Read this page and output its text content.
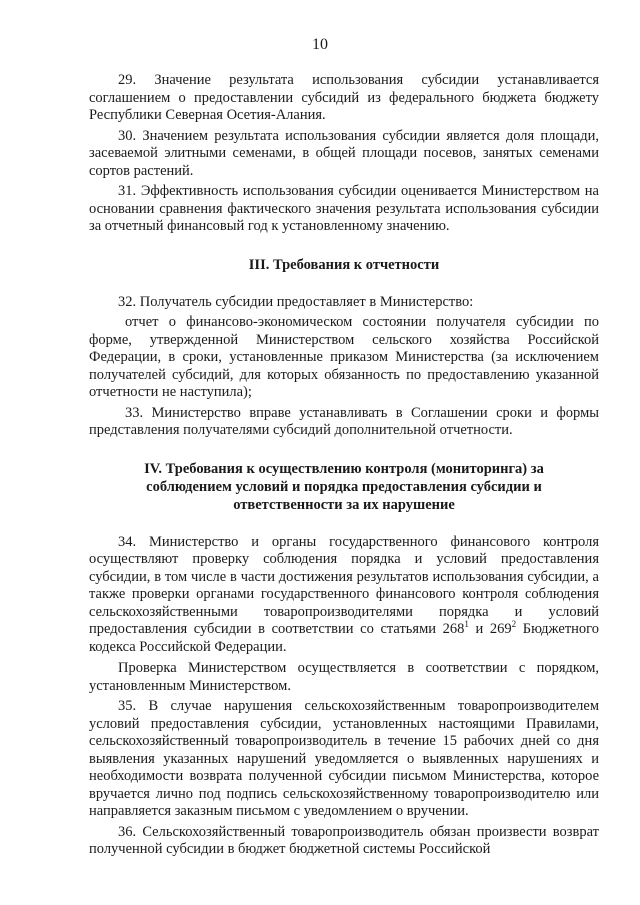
10

29. Значение результата использования субсидии устанавливается соглашением о предоставлении субсидий из федерального бюджета бюджету Республики Северная Осетия-Алания.

30. Значением результата использования субсидии является доля площади, засеваемой элитными семенами, в общей площади посевов, занятых семенами сортов растений.

31. Эффективность использования субсидии оценивается Министерством на основании сравнения фактического значения результата использования субсидии за отчетный финансовый год к установленному значению.

III. Требования к отчетности

32. Получатель субсидии предоставляет в Министерство:

отчет о финансово-экономическом состоянии получателя субсидии по форме, утвержденной Министерством сельского хозяйства Российской Федерации, в сроки, установленные приказом Министерства (за исключением получателей субсидий, для которых обязанность по предоставлению указанной отчетности не наступила);

33. Министерство вправе устанавливать в Соглашении сроки и формы представления получателями субсидий дополнительной отчетности.

IV. Требования к осуществлению контроля (мониторинга) за
соблюдением условий и порядка предоставления субсидии и
ответственности за их нарушение

34. Министерство и органы государственного финансового контроля осуществляют проверку соблюдения порядка и условий предоставления субсидии, в том числе в части достижения результатов использования субсидии, а также проверки органами государственного финансового контроля соблюдения сельскохозяйственными товаропроизводителями порядка и условий предоставления субсидии в соответствии со статьями $268^1$ и $269^2$ Бюджетного кодекса Российской Федерации.

Проверка Министерством осуществляется в соответствии с порядком, установленным Министерством.

35. В случае нарушения сельскохозяйственным товаропроизводителем условий предоставления субсидии, установленных настоящими Правилами, сельскохозяйственный товаропроизводитель в течение 15 рабочих дней со дня выявления указанных нарушений уведомляется о выявленных нарушениях и необходимости возврата полученной субсидии письмом Министерства, которое вручается лично под подпись сельскохозяйственному товаропроизводителю или направляется заказным письмом с уведомлением о вручении.

36. Сельскохозяйственный товаропроизводитель обязан произвести возврат полученной субсидии в бюджет бюджетной системы Российской
